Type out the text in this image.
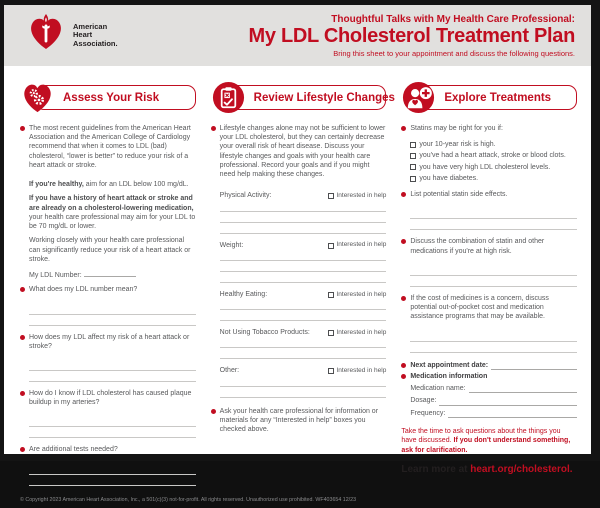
American
Heart
Association.
Thoughtful Talks with My Health Care Professional:
My LDL Cholesterol Treatment Plan
Bring this sheet to your appointment and discuss the following questions.
Assess Your Risk

The most recent guidelines from the American Heart Association and the American College of Cardiology recommend that when it comes to LDL (bad) cholesterol, “lower is better” to reduce your risk of a heart attack or stroke.

If you're healthy, aim for an LDL below 100 mg/dL.

If you have a history of heart attack or stroke and are already on a cholesterol-lowering medication, your health care professional may aim for your LDL to be 70 mg/dL or lower.

Working closely with your health care professional can significantly reduce your risk of a heart attack or stroke.

My LDL Number:

What does my LDL number mean?

How does my LDL affect my risk of a heart attack or stroke?

How do I know if LDL cholesterol has caused plaque buildup in my arteries?

Are additional tests needed?

Review Lifestyle Changes

Lifestyle changes alone may not be sufficient to lower your LDL cholesterol, but they can certainly decrease your overall risk of heart disease. Discuss your lifestyle changes and goals with your health care professional. Record your goals and if you might need help making these changes.

Physical Activity:	Interested in help
Weight:	Interested in help
Healthy Eating:	Interested in help
Not Using Tobacco Products:	Interested in help
Other:	Interested in help

Ask your health care professional for information or materials for any “Interested in help” boxes you checked above.

Explore Treatments

Statins may be right for you if:

your 10-year risk is high.
you've had a heart attack, stroke or blood clots.
you have very high LDL cholesterol levels.
you have diabetes.

List potential statin side effects.

Discuss the combination of statin and other medications if you're at high risk.

If the cost of medicines is a concern, discuss potential out-of-pocket cost and medication assistance programs that may be available.

Next appointment date:

Medication information

Medication name:
Dosage:
Frequency:

Take the time to ask questions about the things you have discussed. If you don't understand something, ask for clarification.

Learn more at heart.org/cholesterol.

© Copyright 2023 American Heart Association, Inc., a 501(c)(3) not-for-profit. All rights reserved. Unauthorized use prohibited. WF403654 12/23
